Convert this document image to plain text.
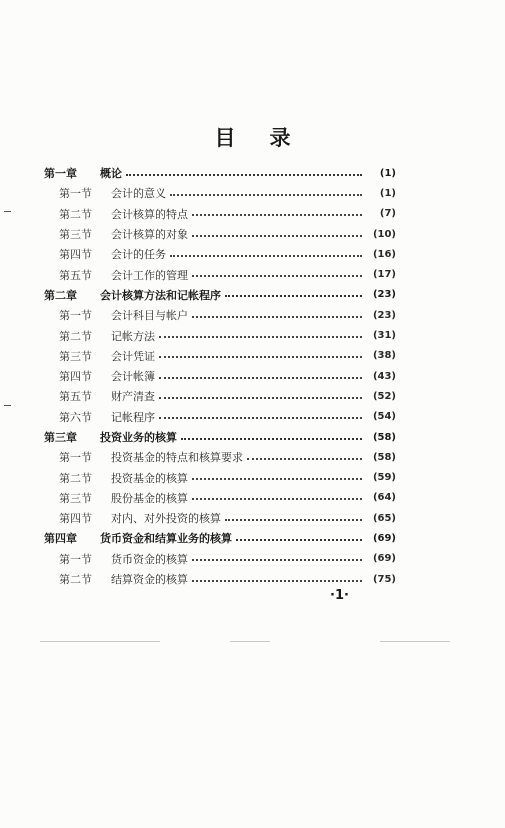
目录
第一章	概论	(1)
第一节	会计的意义	(1)
第二节	会计核算的特点	(7)
第三节	会计核算的对象	(10)
第四节	会计的任务	(16)
第五节	会计工作的管理	(17)
第二章	会计核算方法和记帐程序	(23)
第一节	会计科目与帐户	(23)
第二节	记帐方法	(31)
第三节	会计凭证	(38)
第四节	会计帐簿	(43)
第五节	财产清查	(52)
第六节	记帐程序	(54)
第三章	投资业务的核算	(58)
第一节	投资基金的特点和核算要求	(58)
第二节	投资基金的核算	(59)
第三节	股份基金的核算	(64)
第四节	对内、对外投资的核算	(65)
第四章	货币资金和结算业务的核算	(69)
第一节	货币资金的核算	(69)
第二节	结算资金的核算	(75)
·1·
